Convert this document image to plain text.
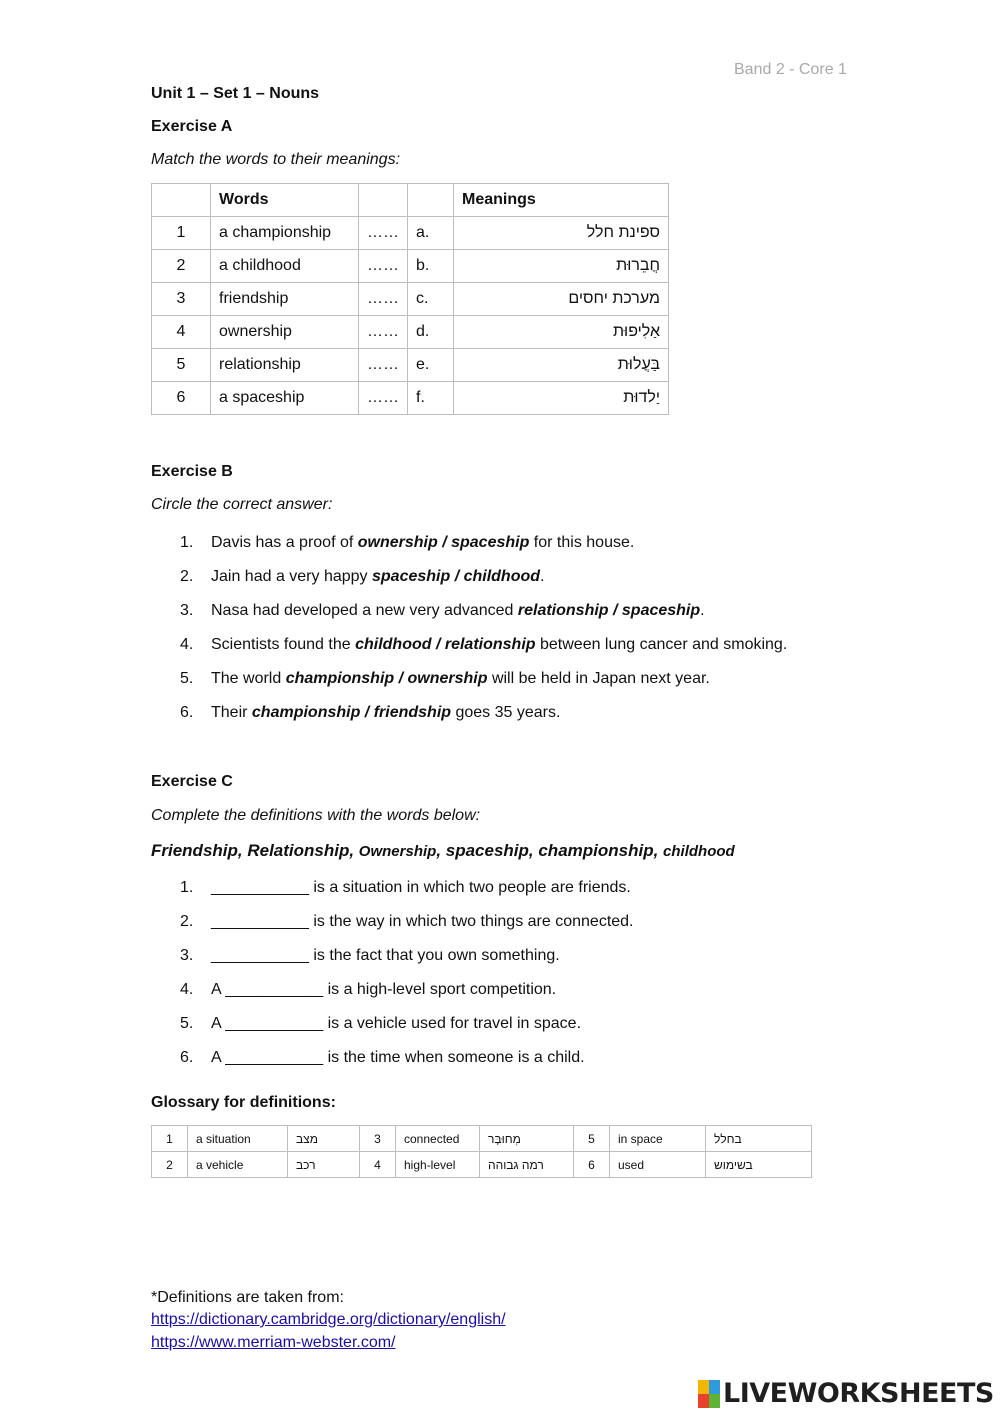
Band 2 - Core 1
Unit 1 – Set 1 – Nouns
Exercise A
Match the words to their meanings:
	Words			Meanings
1	a championship	……	a.	ספינת חלל
2	a childhood	……	b.	חֲבֵרוּת
3	friendship	……	c.	מערכת יחסים
4	ownership	……	d.	אַלִיפוּת
5	relationship	……	e.	בַּעֲלוּת
6	a spaceship	……	f.	יַלדוּת
Exercise B
Circle the correct answer:
1.	Davis has a proof of ownership / spaceship for this house.
2.	Jain had a very happy spaceship / childhood.
3.	Nasa had developed a new very advanced relationship / spaceship.
4.	Scientists found the childhood / relationship between lung cancer and smoking.
5.	The world championship / ownership will be held in Japan next year.
6.	Their championship / friendship goes 35 years.
Exercise C
Complete the definitions with the words below:
Friendship, Relationship, Ownership, spaceship, championship, childhood
1.	___________ is a situation in which two people are friends.
2.	___________ is the way in which two things are connected.
3.	___________ is the fact that you own something.
4.	A ___________ is a high-level sport competition.
5.	A ___________ is a vehicle used for travel in space.
6.	A ___________ is the time when someone is a child.
Glossary for definitions:
1	a situation	מצב	3	connected	מְחוּבָּר	5	in space	בחלל
2	a vehicle	רכב	4	high-level	רמה גבוהה	6	used	בשימוש
*Definitions are taken from:
https://dictionary.cambridge.org/dictionary/english/
https://www.merriam-webster.com/
LIVEWORKSHEETS
